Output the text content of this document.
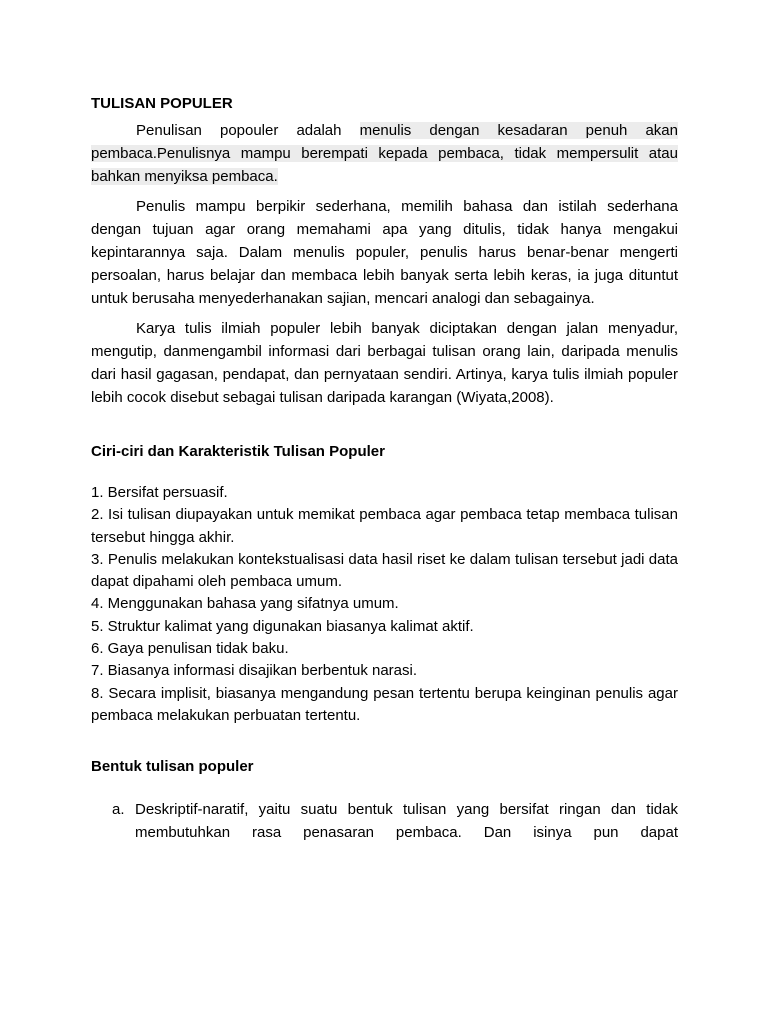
TULISAN POPULER

Penulisan popouler adalah menulis dengan kesadaran penuh akan pembaca.Penulisnya mampu berempati kepada pembaca, tidak mempersulit atau bahkan menyiksa pembaca.

Penulis mampu berpikir sederhana, memilih bahasa dan istilah sederhana dengan tujuan agar orang memahami apa yang ditulis, tidak hanya mengakui kepintarannya saja. Dalam menulis populer, penulis harus benar-benar mengerti persoalan, harus belajar dan membaca lebih banyak serta lebih keras, ia juga dituntut untuk berusaha menyederhanakan sajian, mencari analogi dan sebagainya.

Karya tulis ilmiah populer lebih banyak diciptakan dengan jalan menyadur, mengutip, danmengambil informasi dari berbagai tulisan orang lain, daripada menulis dari hasil gagasan, pendapat, dan pernyataan sendiri. Artinya, karya tulis ilmiah populer lebih cocok disebut sebagai tulisan daripada karangan (Wiyata,2008).

Ciri-ciri dan Karakteristik Tulisan Populer
1. Bersifat persuasif.
2. Isi tulisan diupayakan untuk memikat pembaca agar pembaca tetap membaca tulisan tersebut hingga akhir.
3. Penulis melakukan kontekstualisasi data hasil riset ke dalam tulisan tersebut jadi data dapat dipahami oleh pembaca umum.
4. Menggunakan bahasa yang sifatnya umum.
5. Struktur kalimat yang digunakan biasanya kalimat aktif.
6. Gaya penulisan tidak baku.
7. Biasanya informasi disajikan berbentuk narasi.
8. Secara implisit, biasanya mengandung pesan tertentu berupa keinginan penulis agar pembaca melakukan perbuatan tertentu.
Bentuk tulisan populer
a. Deskriptif-naratif, yaitu suatu bentuk tulisan yang bersifat ringan dan tidak membutuhkan rasa penasaran pembaca. Dan isinya pun dapat
